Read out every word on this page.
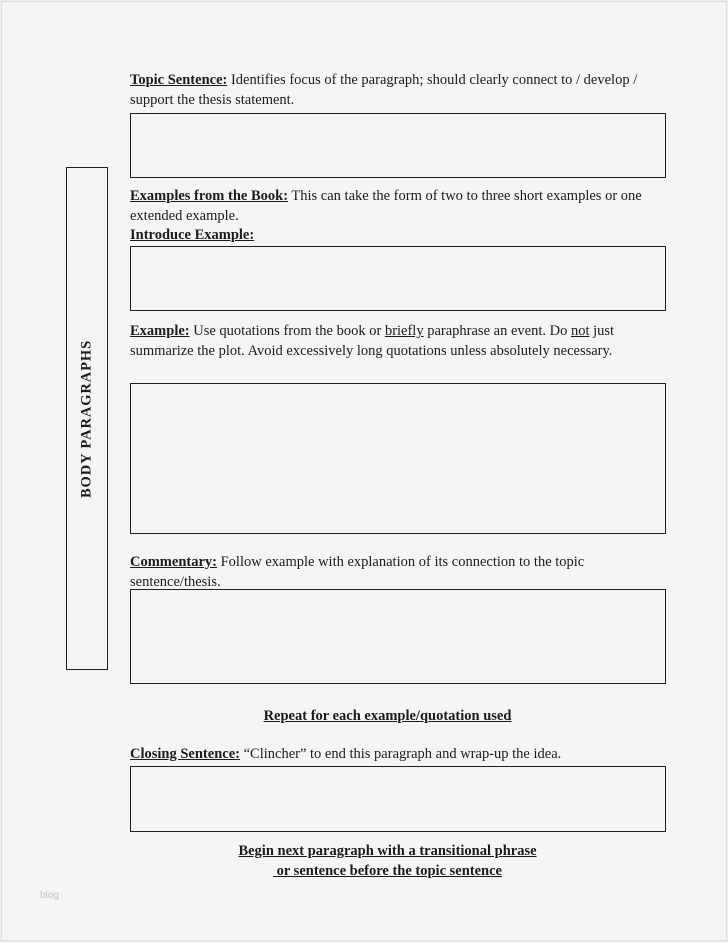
BODY PARAGRAPHS
Topic Sentence: Identifies focus of the paragraph; should clearly connect to / develop / support the thesis statement.
Examples from the Book: This can take the form of two to three short examples or one extended example.
Introduce Example:
Example: Use quotations from the book or briefly paraphrase an event. Do not just summarize the plot. Avoid excessively long quotations unless absolutely necessary.
Commentary: Follow example with explanation of its connection to the topic sentence/thesis.
Repeat for each example/quotation used
Closing Sentence: “Clincher” to end this paragraph and wrap-up the idea.
Begin next paragraph with a transitional phrase
or sentence before the topic sentence
blog
